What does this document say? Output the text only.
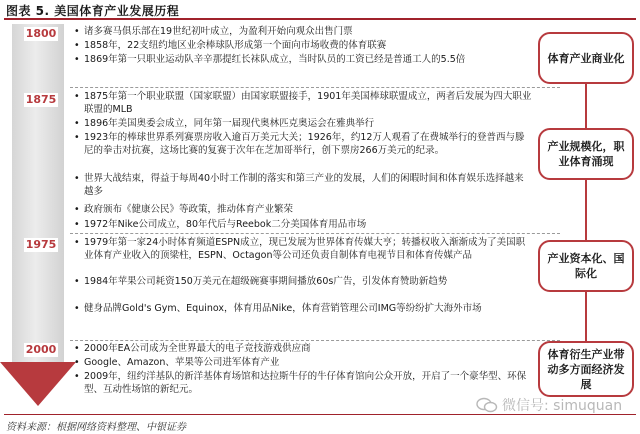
图表 5. 美国体育产业发展历程
1800
1875
1975
2000
• 诸多赛马俱乐部在19世纪初叶成立，为盈利开始向观众出售门票
• 1858年，22支纽约地区业余棒球队形成第一个面向市场收费的体育联赛
• 1869年第一只职业运动队辛辛那提红长袜队成立，当时队员的工资已经是普通工人的5.5倍
• 1875年第一个职业联盟（国家联盟）由国家联盟接手，1901年美国棒球联盟成立，两者后发展为四大职业联盟的MLB
• 1896年美国奥委会成立，同年第一届现代奥林匹克奥运会在雅典举行
• 1923年的棒球世界系列赛票房收入逾百万美元大关；1926年，约12万人观看了在费城举行的登普西与滕尼的拳击对抗赛，这场比赛的复赛于次年在芝加哥举行，创下票房266万美元的纪录。
• 世界大战结束，得益于每周40小时工作制的落实和第三产业的发展，人们的闲暇时间和体育娱乐选择越来越多
• 政府颁布《健康公民》等政策，推动体育产业繁荣
• 1972年Nike公司成立，80年代后与Reebok二分美国体育用品市场
• 1979年第一家24小时体育频道ESPN成立，现已发展为世界体育传媒大亨；转播权收入渐渐成为了美国职业体育产业收入的顶梁柱，ESPN、Octagon等公司还负责自制体育电视节目和体育传媒产品
• 1984年苹果公司耗资150万美元在超级碗赛事期间播放60s广告，引发体育赞助新趋势
• 健身品牌Gold's Gym、Equinox，体育用品Nike，体育营销管理公司IMG等纷纷扩大海外市场
• 2000年EA公司成为全世界最大的电子竞技游戏供应商
• Google、Amazon、苹果等公司进军体育产业
• 2009年，纽约洋基队的新洋基体育场馆和达拉斯牛仔的牛仔体育馆向公众开放，开启了一个豪华型、环保型、互动性场馆的新纪元。
体育产业商业化
产业规模化，职业体育涌现
产业资本化、国际化
体育衍生产业带动多方面经济发展
微信号: simuquan
资料来源：根据网络资料整理、中银证券
